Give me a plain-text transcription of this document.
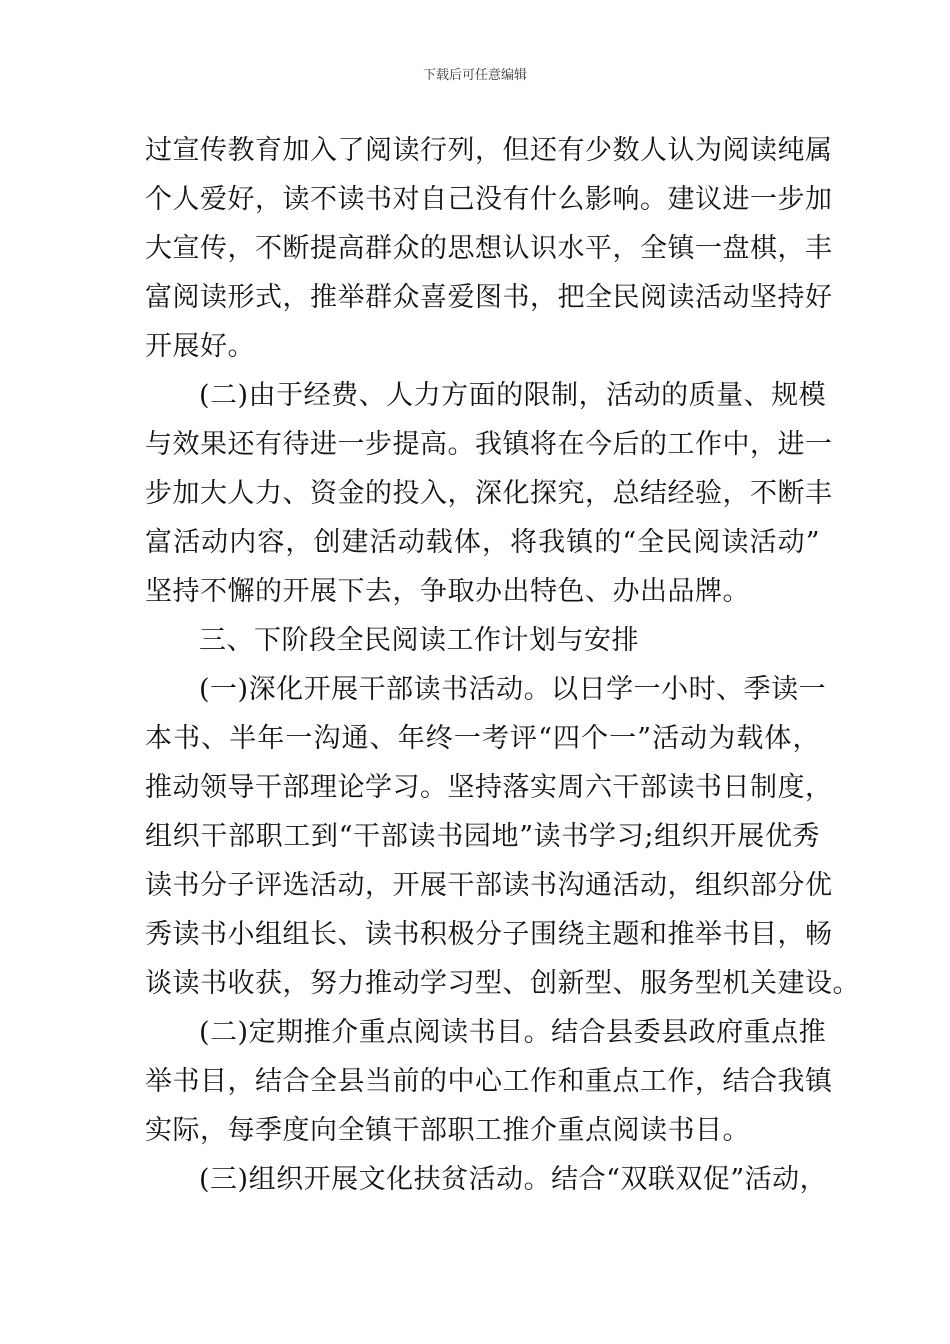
下载后可任意编辑
过宣传教育加入了阅读行列，但还有少数人认为阅读纯属
个人爱好，读不读书对自己没有什么影响。建议进一步加
大宣传，不断提高群众的思想认识水平，全镇一盘棋，丰
富阅读形式，推举群众喜爱图书，把全民阅读活动坚持好
开展好。
(二)由于经费、人力方面的限制，活动的质量、规模
与效果还有待进一步提高。我镇将在今后的工作中，进一
步加大人力、资金的投入，深化探究，总结经验，不断丰
富活动内容，创建活动载体，将我镇的“全民阅读活动”
坚持不懈的开展下去，争取办出特色、办出品牌。
三、下阶段全民阅读工作计划与安排
(一)深化开展干部读书活动。以日学一小时、季读一
本书、半年一沟通、年终一考评“四个一”活动为载体，
推动领导干部理论学习。坚持落实周六干部读书日制度，
组织干部职工到“干部读书园地”读书学习;组织开展优秀
读书分子评选活动，开展干部读书沟通活动，组织部分优
秀读书小组组长、读书积极分子围绕主题和推举书目，畅
谈读书收获，努力推动学习型、创新型、服务型机关建设。
(二)定期推介重点阅读书目。结合县委县政府重点推
举书目，结合全县当前的中心工作和重点工作，结合我镇
实际，每季度向全镇干部职工推介重点阅读书目。
(三)组织开展文化扶贫活动。结合“双联双促”活动，
